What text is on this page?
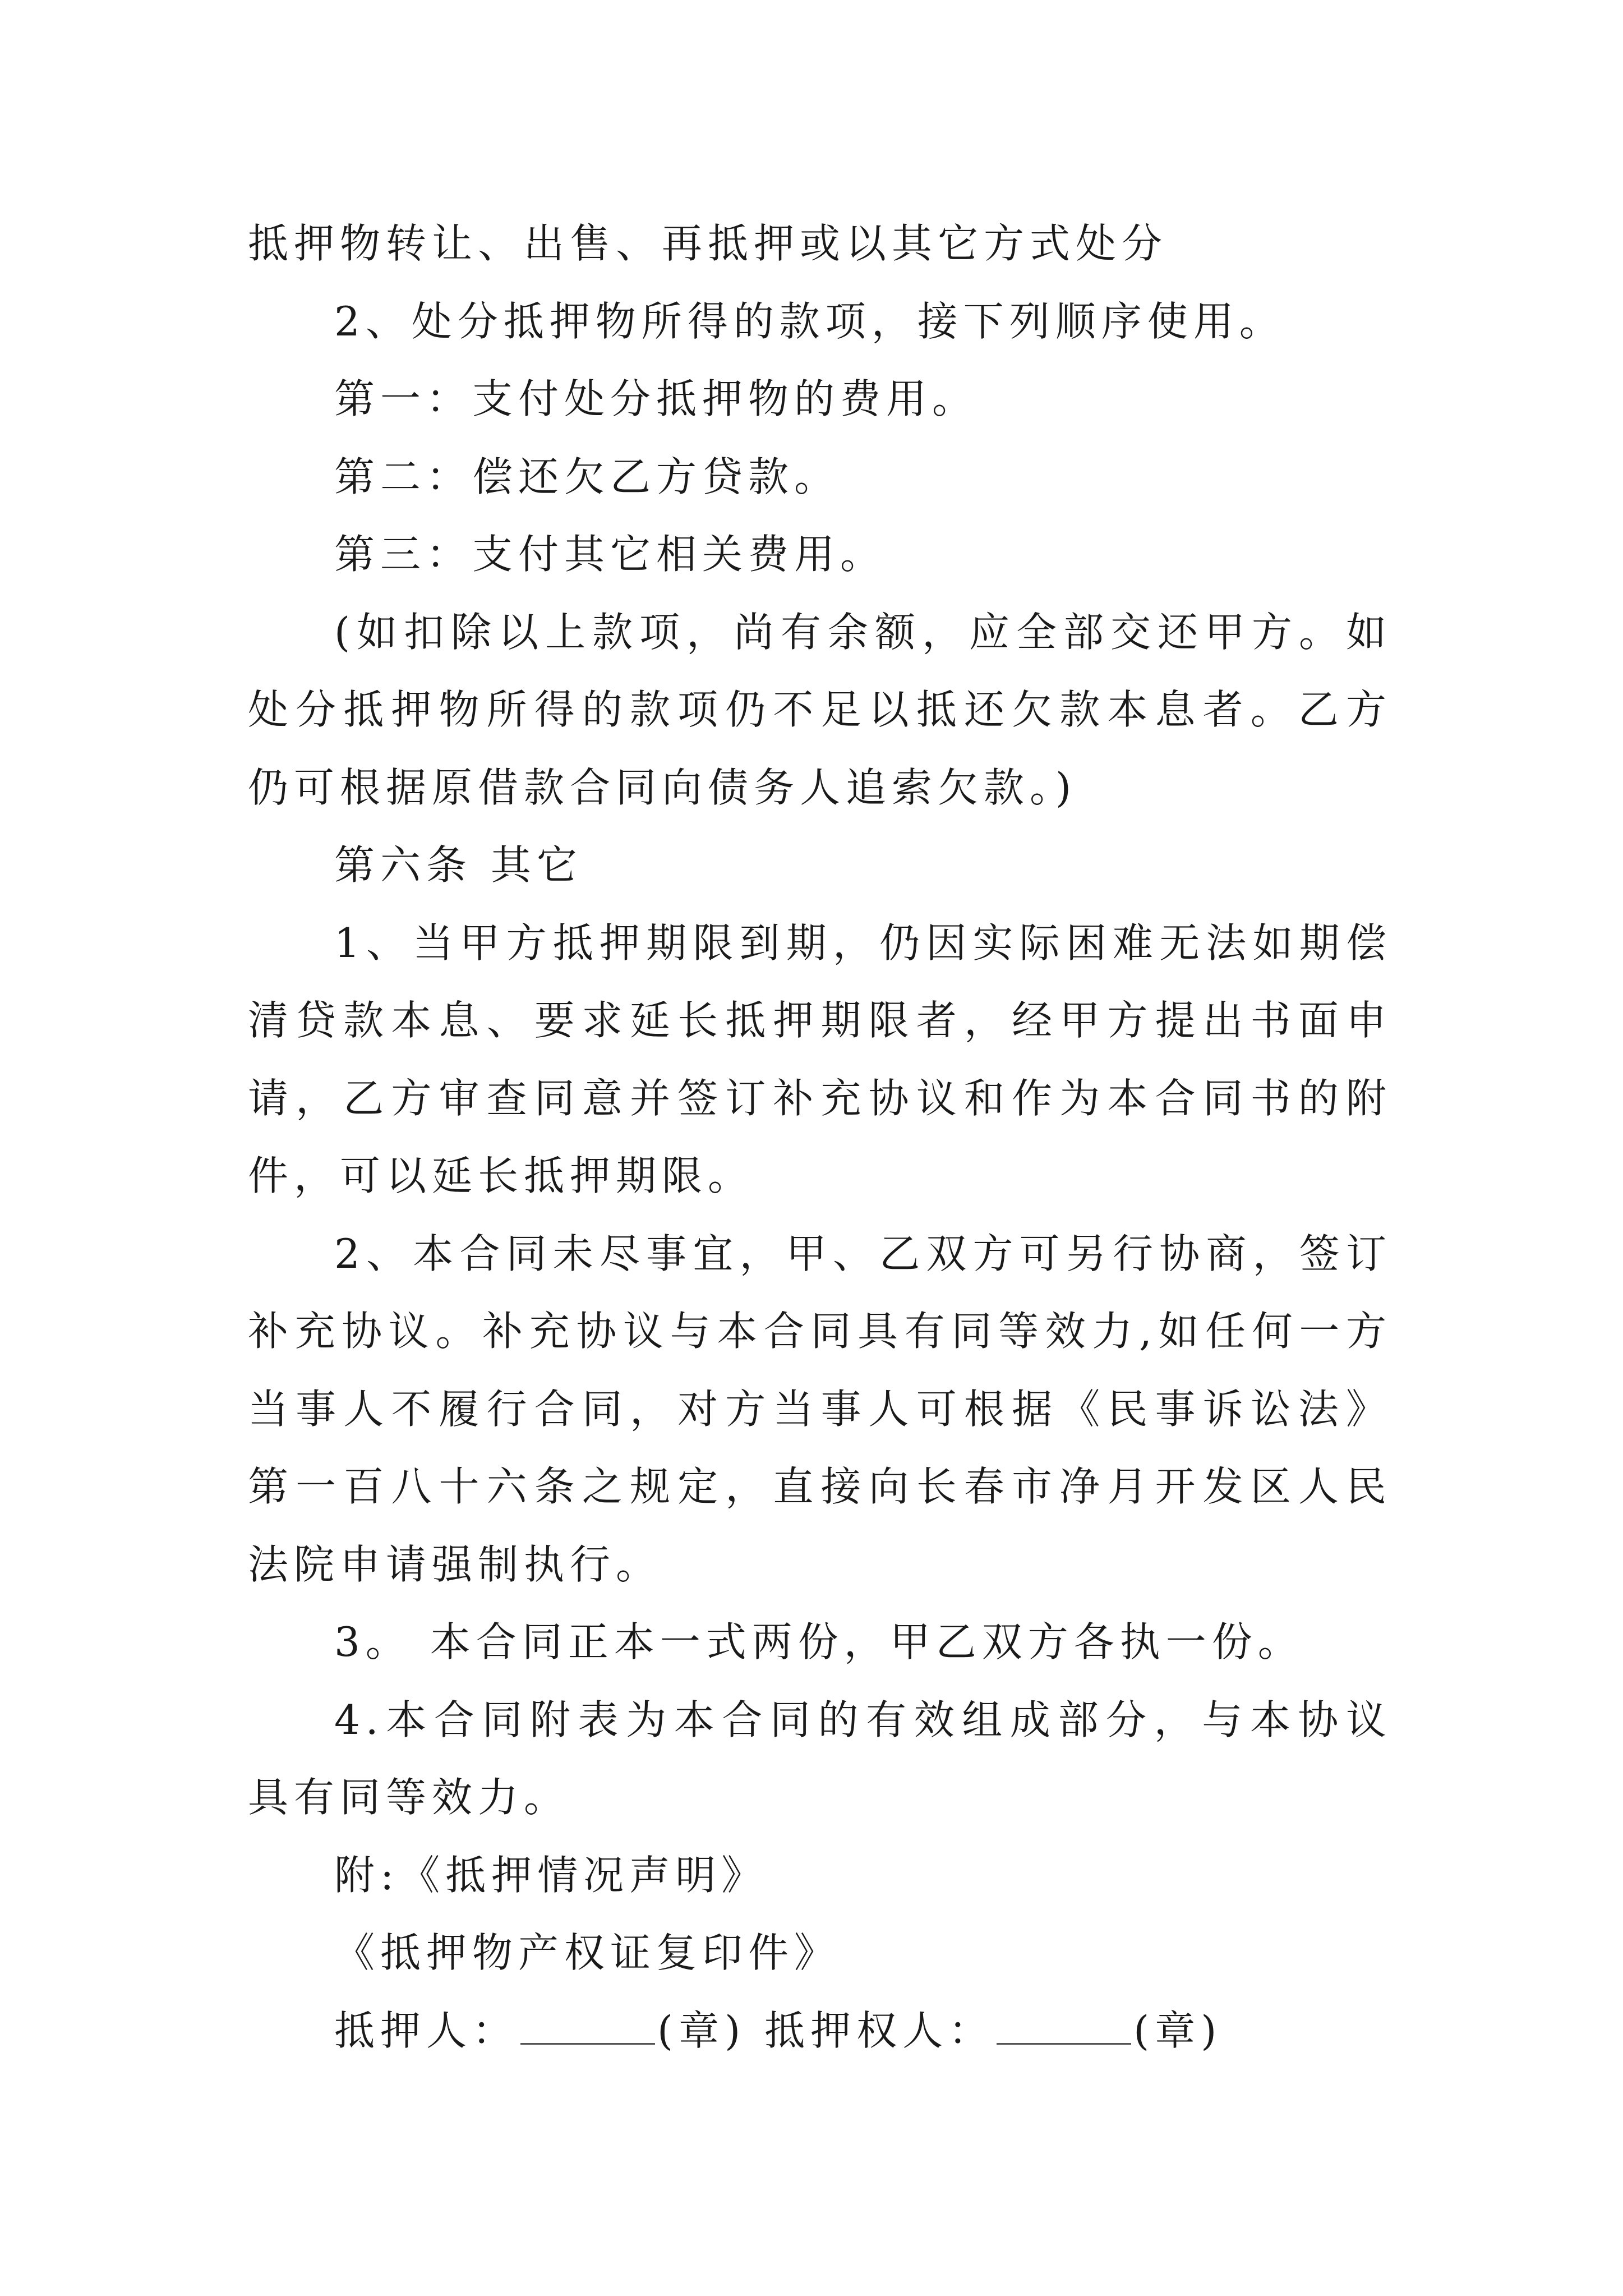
抵押物转让、出售、再抵押或以其它方式处分

2、处分抵押物所得的款项，接下列顺序使用。

第一：支付处分抵押物的费用。

第二：偿还欠乙方贷款。

第三：支付其它相关费用。

(如扣除以上款项，尚有余额，应全部交还甲方。如处分抵押物所得的款项仍不足以抵还欠款本息者。乙方仍可根据原借款合同向债务人追索欠款。)

第六条 其它

1、当甲方抵押期限到期，仍因实际困难无法如期偿清贷款本息、要求延长抵押期限者，经甲方提出书面申请，乙方审查同意并签订补充协议和作为本合同书的附件，可以延长抵押期限。

2、本合同未尽事宜，甲、乙双方可另行协商，签订补充协议。补充协议与本合同具有同等效力,如任何一方当事人不履行合同，对方当事人可根据《民事诉讼法》第一百八十六条之规定，直接向长春市净月开发区人民法院申请强制执行。

3。 本合同正本一式两份，甲乙双方各执一份。

4.本合同附表为本合同的有效组成部分，与本协议具有同等效力。

附:《抵押情况声明》

《抵押物产权证复印件》

抵押人：	(章) 抵押权人：	(章)
